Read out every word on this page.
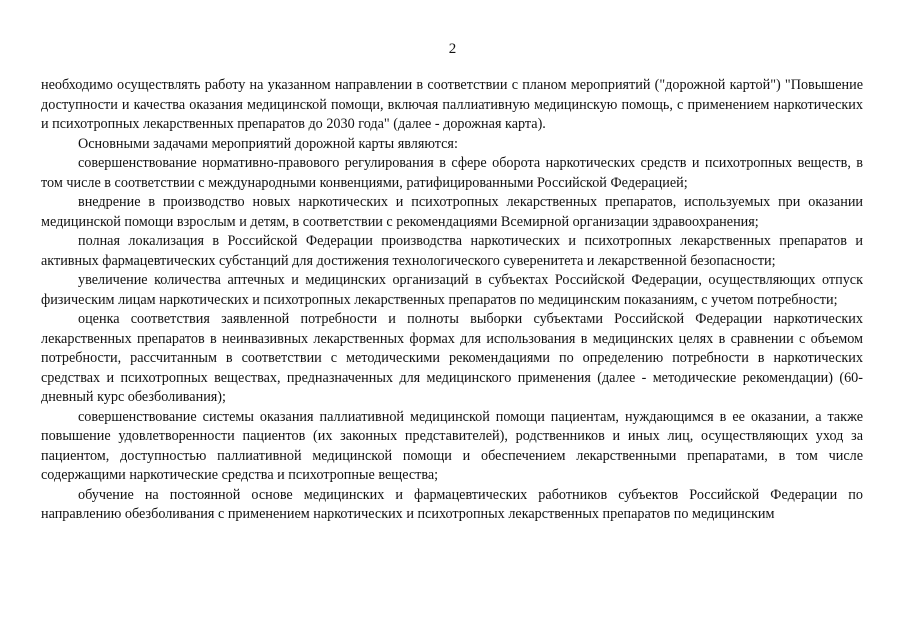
2

необходимо осуществлять работу на указанном направлении в соответствии с планом мероприятий ("дорожной картой") "Повышение доступности и качества оказания медицинской помощи, включая паллиативную медицинскую помощь, с применением наркотических и психотропных лекарственных препаратов до 2030 года" (далее - дорожная карта).

Основными задачами мероприятий дорожной карты являются:

совершенствование нормативно-правового регулирования в сфере оборота наркотических средств и психотропных веществ, в том числе в соответствии с международными конвенциями, ратифицированными Российской Федерацией;

внедрение в производство новых наркотических и психотропных лекарственных препаратов, используемых при оказании медицинской помощи взрослым и детям, в соответствии с рекомендациями Всемирной организации здравоохранения;

полная локализация в Российской Федерации производства наркотических и психотропных лекарственных препаратов и активных фармацевтических субстанций для достижения технологического суверенитета и лекарственной безопасности;

увеличение количества аптечных и медицинских организаций в субъектах Российской Федерации, осуществляющих отпуск физическим лицам наркотических и психотропных лекарственных препаратов по медицинским показаниям, с учетом потребности;

оценка соответствия заявленной потребности и полноты выборки субъектами Российской Федерации наркотических лекарственных препаратов в неинвазивных лекарственных формах для использования в медицинских целях в сравнении с объемом потребности, рассчитанным в соответствии с методическими рекомендациями по определению потребности в наркотических средствах и психотропных веществах, предназначенных для медицинского применения (далее - методические рекомендации) (60-дневный курс обезболивания);

совершенствование системы оказания паллиативной медицинской помощи пациентам, нуждающимся в ее оказании, а также повышение удовлетворенности пациентов (их законных представителей), родственников и иных лиц, осуществляющих уход за пациентом, доступностью паллиативной медицинской помощи и обеспечением лекарственными препаратами, в том числе содержащими наркотические средства и психотропные вещества;

обучение на постоянной основе медицинских и фармацевтических работников субъектов Российской Федерации по направлению обезболивания с применением наркотических и психотропных лекарственных препаратов по медицинским
